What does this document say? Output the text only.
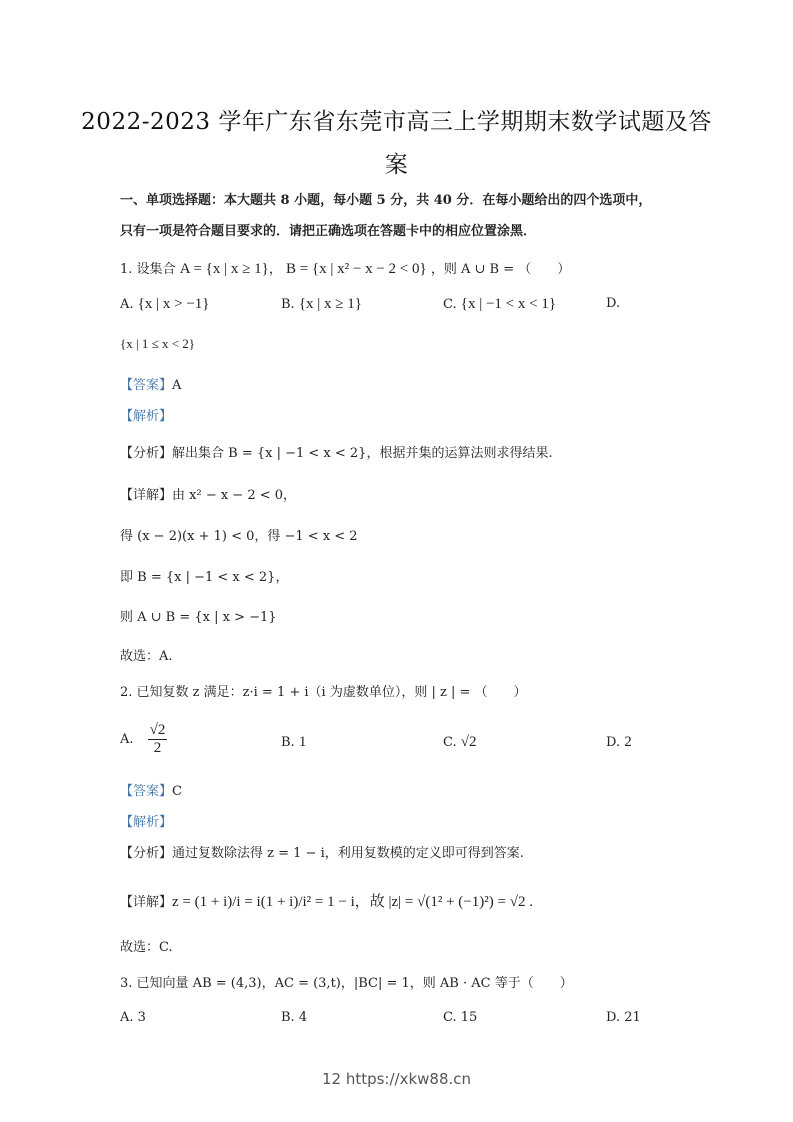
2022-2023 学年广东省东莞市高三上学期期末数学试题及答
案
一、单项选择题：本大题共 8 小题，每小题 5 分，共 40 分．在每小题给出的四个选项中，
只有一项是符合题目要求的．请把正确选项在答题卡中的相应位置涂黑．
1. 设集合 A = {x | x ≥ 1}， B = {x | x² − x − 2 < 0} ，则 A ∪ B = （　　）
A. {x | x > −1}	B. {x | x ≥ 1}	C. {x | −1 < x < 1}	D.
{x | 1 ≤ x < 2}
【答案】A
【解析】
【分析】解出集合 B = {x | −1 < x < 2}，根据并集的运算法则求得结果.
【详解】由 x² − x − 2 < 0，
得 (x − 2)(x + 1) < 0，得 −1 < x < 2
即 B = {x | −1 < x < 2}，
则 A ∪ B = {x | x > −1}
故选：A.
2. 已知复数 z 满足：z·i = 1 + i（i 为虚数单位），则 | z | = （　　）
A. $\frac{√2}{2}$	B. 1	C. √2	D. 2
【答案】C
【解析】
【分析】通过复数除法得 z = 1 − i，利用复数模的定义即可得到答案.
【详解】z = (1 + i)/i = i(1 + i)/i² = 1 − i，故 |z| = √(1² + (−1)²) = √2 .
故选：C.
3. 已知向量 AB = (4,3)，AC = (3,t)，|BC| = 1，则 AB · AC 等于（　　）
A. 3	B. 4	C. 15	D. 21
12 https://xkw88.cn
